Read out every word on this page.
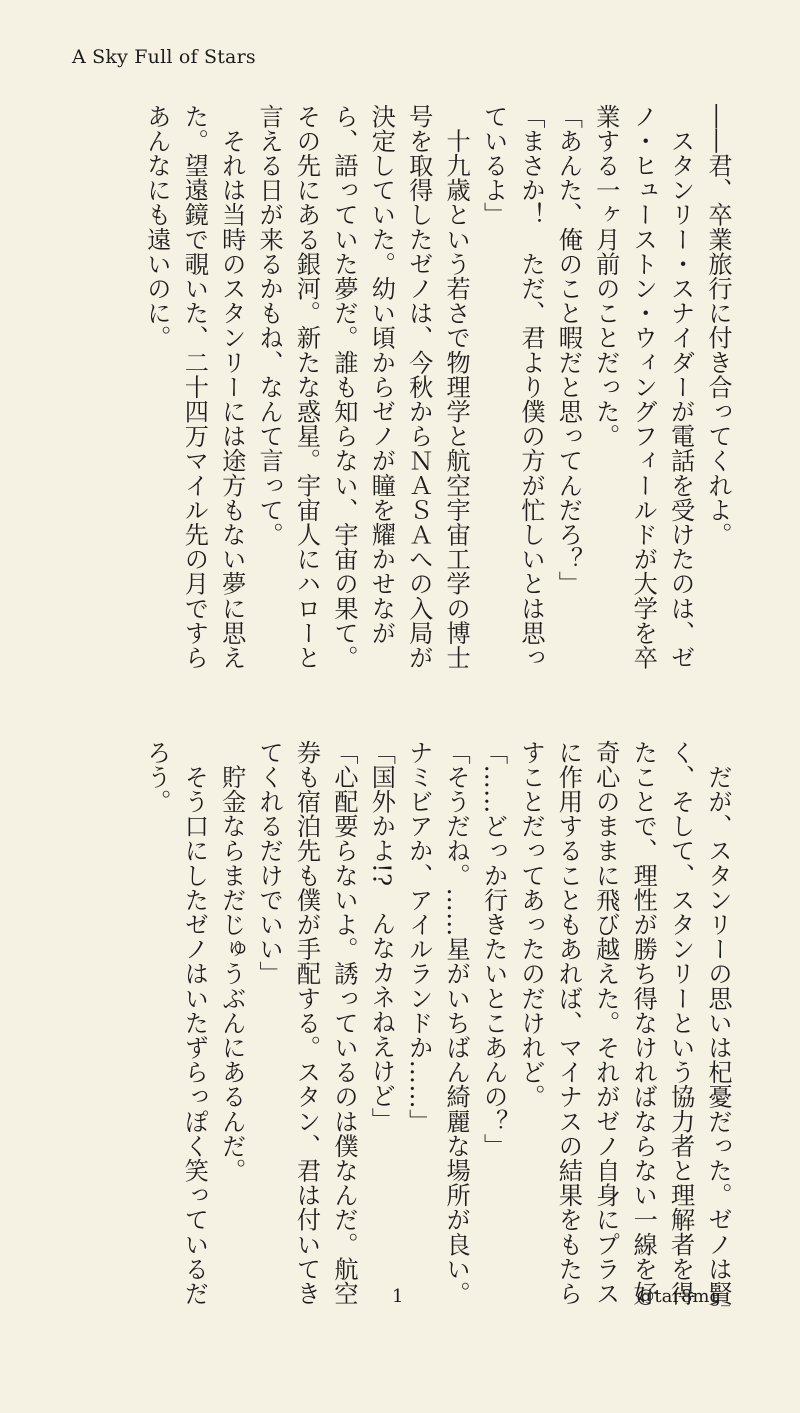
A Sky Full of Stars

――君、卒業旅行に付き合ってくれよ。

　スタンリー・スナイダーが電話を受けたのは、ゼノ・ヒューストン・ウィングフィールドが大学を卒業する一ヶ月前のことだった。

「あんた、俺のこと暇だと思ってんだろ？」

「まさか！　ただ、君より僕の方が忙しいとは思っているよ」

　十九歳という若さで物理学と航空宇宙工学の博士号を取得したゼノは、今秋からＮＡＳＡへの入局が決定していた。幼い頃からゼノが瞳を耀かせながら、語っていた夢だ。誰も知らない、宇宙の果て。その先にある銀河。新たな惑星。宇宙人にハローと言える日が来るかもね、なんて言って。

　それは当時のスタンリーには途方もない夢に思えた。望遠鏡で覗いた、二十四万マイル先の月ですらあんなにも遠いのに。

　だが、スタンリーの思いは杞憂だった。ゼノは賢く、そして、スタンリーという協力者と理解者を得たことで、理性が勝ち得なければならない一線を好奇心のままに飛び越えた。それがゼノ自身にプラスに作用することもあれば、マイナスの結果をもたらすことだってあったのだけれど。

「……どっか行きたいとこあんの？」

「そうだね。……星がいちばん綺麗な場所が良い。ナミビアか、アイルランドか……」

「国外かよ!?　んなカネねえけど」

「心配要らないよ。誘っているのは僕なんだ。航空券も宿泊先も僕が手配する。スタン、君は付いてきてくれるだけでいい」

　貯金ならまだじゅうぶんにあるんだ。

　そう口にしたゼノはいたずらっぽく笑っているだろう。

1	@tar8mg_
